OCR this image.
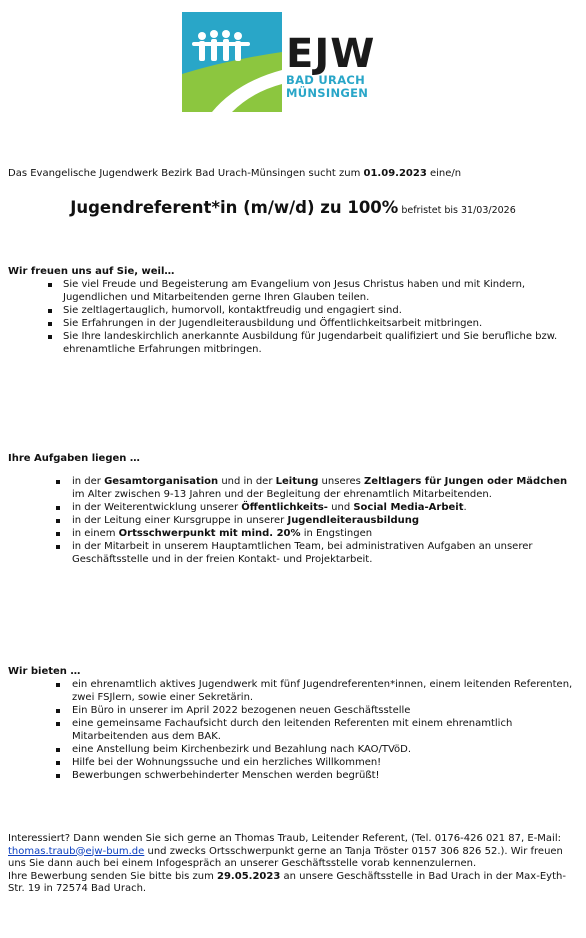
EJW
BAD URACH
MÜNSINGEN
Das Evangelische Jugendwerk Bezirk Bad Urach-Münsingen sucht zum 01.09.2023 eine/n
Jugendreferent*in (m/w/d) zu 100% befristet bis 31/03/2026
Wir freuen uns auf Sie, weil…
Sie viel Freude und Begeisterung am Evangelium von Jesus Christus haben und mit Kindern, Jugendlichen und Mitarbeitenden gerne Ihren Glauben teilen.
Sie zeltlagertauglich, humorvoll, kontaktfreudig und engagiert sind.
Sie Erfahrungen in der Jugendleiterausbildung und Öffentlichkeitsarbeit mitbringen.
Sie Ihre landeskirchlich anerkannte Ausbildung für Jugendarbeit qualifiziert und Sie berufliche bzw. ehrenamtliche Erfahrungen mitbringen.
Ihre Aufgaben liegen …
in der Gesamtorganisation und in der Leitung unseres Zeltlagers für Jungen oder Mädchen im Alter zwischen 9-13 Jahren und der Begleitung der ehrenamtlich Mitarbeitenden.
in der Weiterentwicklung unserer Öffentlichkeits- und Social Media-Arbeit.
in der Leitung einer Kursgruppe in unserer Jugendleiterausbildung
in einem Ortsschwerpunkt mit mind. 20% in Engstingen
in der Mitarbeit in unserem Hauptamtlichen Team, bei administrativen Aufgaben an unserer Geschäftsstelle und in der freien Kontakt- und Projektarbeit.
Wir bieten …
ein ehrenamtlich aktives Jugendwerk mit fünf Jugendreferenten*innen, einem leitenden Referenten, zwei FSJlern, sowie einer Sekretärin.
Ein Büro in unserer im April 2022 bezogenen neuen Geschäftsstelle
eine gemeinsame Fachaufsicht durch den leitenden Referenten mit einem ehrenamtlich Mitarbeitenden aus dem BAK.
eine Anstellung beim Kirchenbezirk und Bezahlung nach KAO/TVöD.
Hilfe bei der Wohnungssuche und ein herzliches Willkommen!
Bewerbungen schwerbehinderter Menschen werden begrüßt!
Interessiert? Dann wenden Sie sich gerne an Thomas Traub, Leitender Referent, (Tel. 0176-426 021 87, E-Mail: thomas.traub@ejw-bum.de und zwecks Ortsschwerpunkt gerne an Tanja Tröster 0157 306 826 52.). Wir freuen uns Sie dann auch bei einem Infogespräch an unserer Geschäftsstelle vorab kennenzulernen.
Ihre Bewerbung senden Sie bitte bis zum 29.05.2023 an unsere Geschäftsstelle in Bad Urach in der Max-Eyth-Str. 19 in 72574 Bad Urach.
